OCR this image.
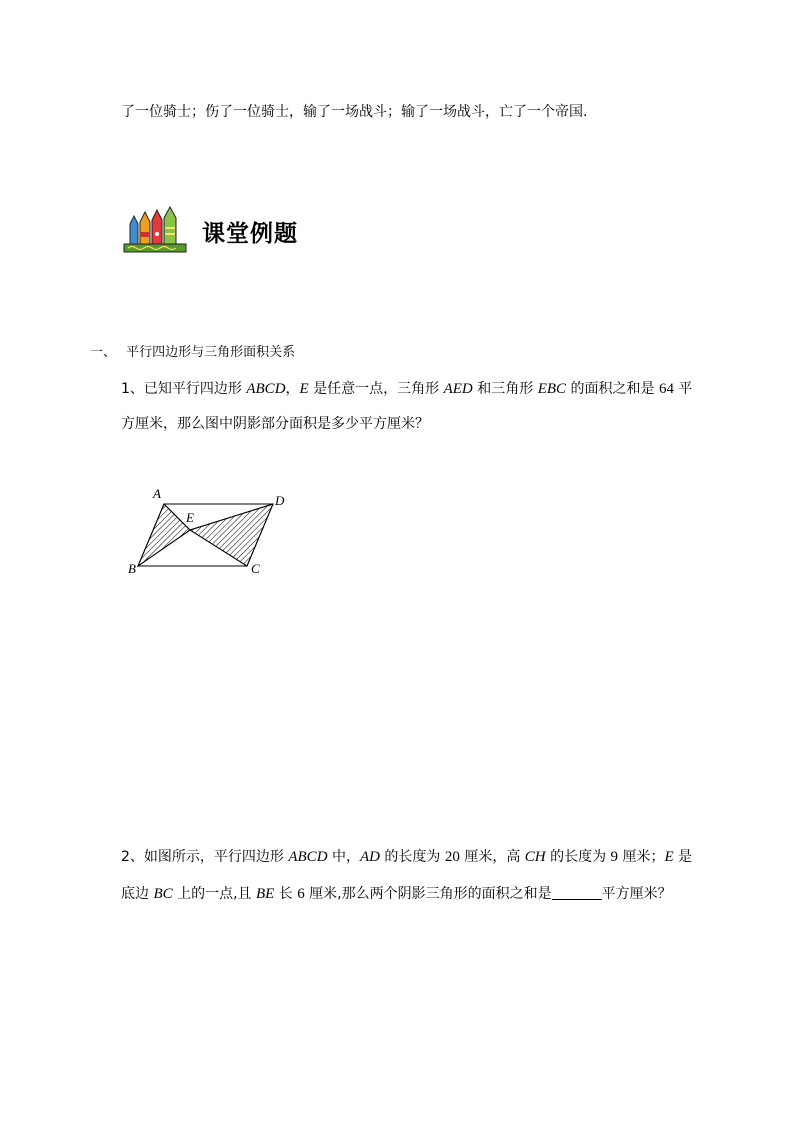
了一位骑士；伤了一位骑士，输了一场战斗；输了一场战斗，亡了一个帝国.
课堂例题
一、 平行四边形与三角形面积关系
1、已知平行四边形 ABCD，E 是任意一点，三角形 AED 和三角形 EBC 的面积之和是 64 平
方厘米，那么图中阴影部分面积是多少平方厘米？
A	D
E
B	C
2、如图所示，平行四边形 ABCD 中，AD 的长度为 20 厘米，高 CH 的长度为 9 厘米；E 是
底边 BC 上的一点,且 BE 长 6 厘米,那么两个阴影三角形的面积之和是	平方厘米？
